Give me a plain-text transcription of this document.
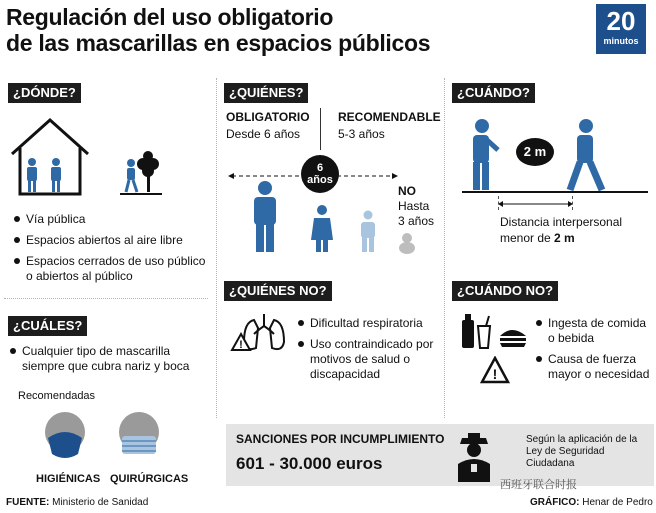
Regulación del uso obligatorio
de las mascarillas en espacios públicos
20
minutos
¿DÓNDE?
Vía pública
Espacios abiertos al aire libre
Espacios cerrados de uso público o abiertos al público
¿CUÁLES?
Cualquier tipo de mascarilla siempre que cubra nariz y boca
Recomendadas
HIGIÉNICAS QUIRÚRGICAS
¿QUIÉNES?
OBLIGATORIO
Desde 6 años
RECOMENDABLE
5-3 años
6
años
NO
Hasta
3 años
¿QUIÉNES NO?
!
Dificultad respiratoria
Uso contraindicado por motivos de salud o discapacidad
¿CUÁNDO?
2 m
Distancia interpersonal
menor de 2 m
¿CUÁNDO NO?
!
Ingesta de comida o bebida
Causa de fuerza mayor o necesidad
SANCIONES POR INCUMPLIMIENTO
601 - 30.000 euros
Según la aplicación de la Ley de Seguridad Ciudadana
FUENTE: Ministerio de Sanidad
西班牙联合时报
GRÁFICO: Henar de Pedro
